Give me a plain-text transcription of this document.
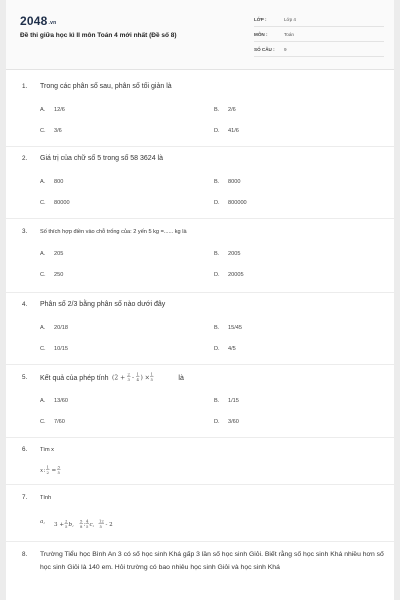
2048.vn
Đề thi giữa học kì II môn Toán 4 mới nhất (Đề số 8)
LỚP :	Lớp 4
MÔN :	Toán
SỐ CÂU : 9
1. Trong các phân số sau, phân số tối giản là
A. 12/6	B. 2/6
C. 3/6	D. 41/6
2. Giá trị của chữ số 5 trong số 58 3624 là
A. 800	B. 8000
C. 80000	D. 800000
3. Số thích hợp điền vào chỗ trống của: 2 yến 5 kg =...... kg là
A. 205	B. 2005
C. 250	D. 20005
4. Phân số 2/3 bằng phân số nào dưới đây
A. 20/18	B. 15/45
C. 10/15	D. 4/5
5. Kết quả của phép tính (2 +
2
3 -
1
4 ) ×
1
5	là
A. 13/60	B. 1/15
C. 7/60	D. 3/60
6. Tìm x
x :
1
2 =
3
5
7. Tính
a, 3 +
2
5 b,
5
8 :
4
5 c,
12
5 - 2
8. Trường Tiểu học Bình An 3 có số học sinh Khá gấp 3 lần số học sinh Giỏi. Biết rằng số học sinh Khá nhiều hơn số học sinh Giỏi là 140 em. Hỏi trường có bao nhiêu học sinh Giỏi và học sinh Khá
